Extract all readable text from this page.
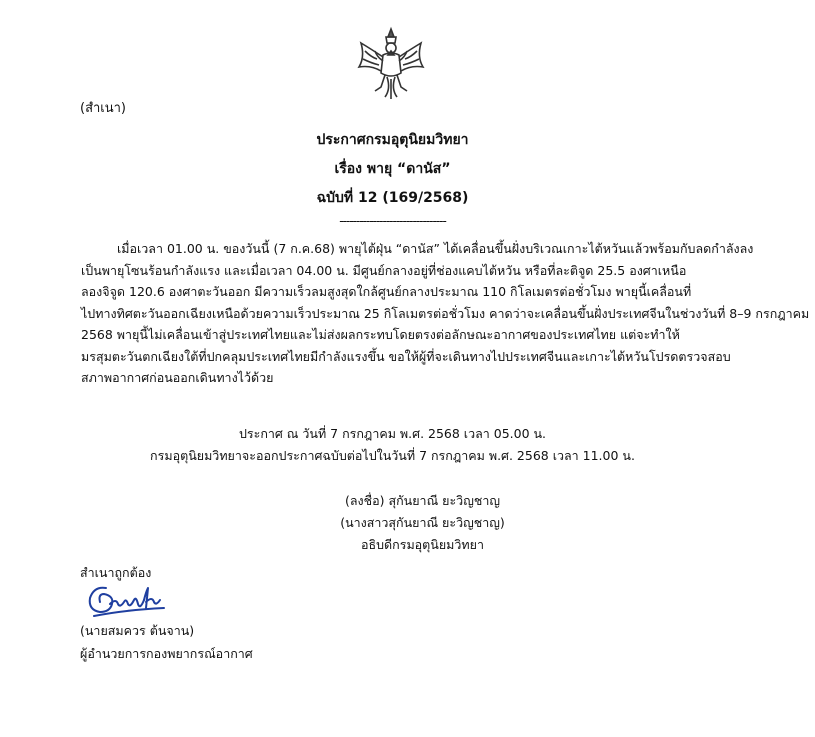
(สำเนา)
ประกาศกรมอุตุนิยมวิทยา
เรื่อง พายุ “ดานัส”
ฉบับที่ 12 (169/2568)
--------------------------------
เมื่อเวลา 01.00 น. ของวันนี้ (7 ก.ค.68) พายุไต้ฝุ่น “ดานัส” ได้เคลื่อนขึ้นฝั่งบริเวณเกาะไต้หวันแล้วพร้อมกับลดกำลังลง
เป็นพายุโซนร้อนกำลังแรง และเมื่อเวลา 04.00 น. มีศูนย์กลางอยู่ที่ช่องแคบไต้หวัน หรือที่ละติจูด 25.5 องศาเหนือ
ลองจิจูด 120.6 องศาตะวันออก มีความเร็วลมสูงสุดใกล้ศูนย์กลางประมาณ 110 กิโลเมตรต่อชั่วโมง พายุนี้เคลื่อนที่
ไปทางทิศตะวันออกเฉียงเหนือด้วยความเร็วประมาณ 25 กิโลเมตรต่อชั่วโมง คาดว่าจะเคลื่อนขึ้นฝั่งประเทศจีนในช่วงวันที่ 8–9 กรกฎาคม
2568 พายุนี้ไม่เคลื่อนเข้าสู่ประเทศไทยและไม่ส่งผลกระทบโดยตรงต่อลักษณะอากาศของประเทศไทย แต่จะทำให้
มรสุมตะวันตกเฉียงใต้ที่ปกคลุมประเทศไทยมีกำลังแรงขึ้น ขอให้ผู้ที่จะเดินทางไปประเทศจีนและเกาะไต้หวันโปรดตรวจสอบ
สภาพอากาศก่อนออกเดินทางไว้ด้วย
ประกาศ ณ วันที่ 7 กรกฎาคม พ.ศ. 2568 เวลา 05.00 น.
กรมอุตุนิยมวิทยาจะออกประกาศฉบับต่อไปในวันที่ 7 กรกฎาคม พ.ศ. 2568 เวลา 11.00 น.
(ลงชื่อ) สุกันยาณี ยะวิญชาญ
(นางสาวสุกันยาณี ยะวิญชาญ)
อธิบดีกรมอุตุนิยมวิทยา
สำเนาถูกต้อง
(นายสมควร ต้นจาน)
ผู้อำนวยการกองพยากรณ์อากาศ
